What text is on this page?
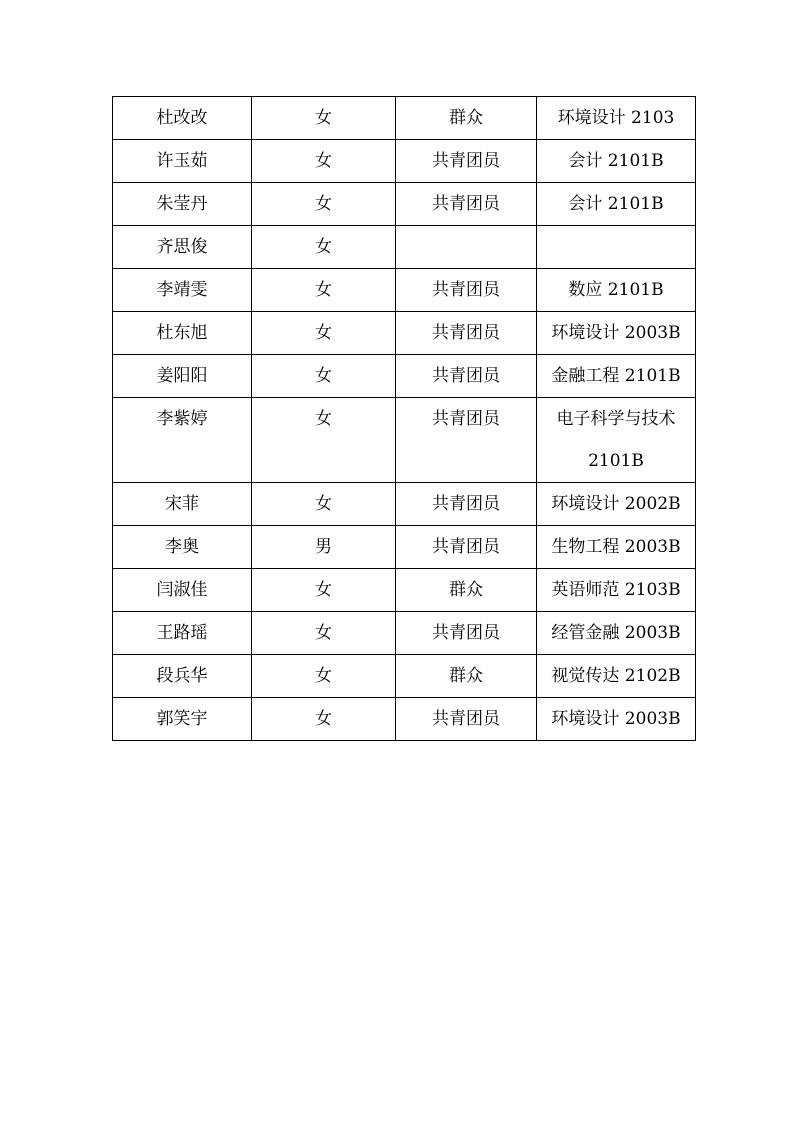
杜改改	女	群众	环境设计 2103
许玉茹	女	共青团员	会计 2101B
朱莹丹	女	共青团员	会计 2101B
齐思俊	女		
李靖雯	女	共青团员	数应 2101B
杜东旭	女	共青团员	环境设计 2003B
姜阳阳	女	共青团员	金融工程 2101B
李紫婷	女	共青团员	电子科学与技术 2101B
宋菲	女	共青团员	环境设计 2002B
李奥	男	共青团员	生物工程 2003B
闫淑佳	女	群众	英语师范 2103B
王路瑶	女	共青团员	经管金融 2003B
段兵华	女	群众	视觉传达 2102B
郭笑宇	女	共青团员	环境设计 2003B
